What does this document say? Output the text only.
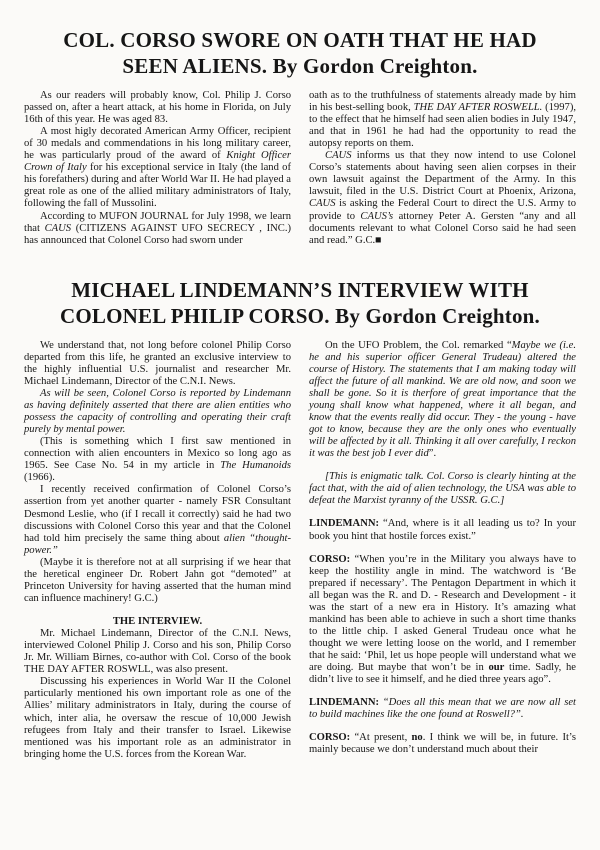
COL. CORSO SWORE ON OATH THAT HE HAD
SEEN ALIENS. By Gordon Creighton.

As our readers will probably know, Col. Philip J. Corso passed on, after a heart attack, at his home in Florida, on July 16th of this year. He was aged 83.

A most higly decorated American Army Officer, recipient of 30 medals and commendations in his long military career, he was particularly proud of the award of Knight Officer Crown of Italy for his exceptional service in Italy (the land of his forefathers) during and after World War II. He had played a great role as one of the allied military administrators of Italy, following the fall of Mussolini.

According to MUFON JOURNAL for July 1998, we learn that CAUS (CITIZENS AGAINST UFO SECRECY , INC.) has announced that Colonel Corso had sworn under

oath as to the truthfulness of statements already made by him in his best-selling book, THE DAY AFTER ROSWELL. (1997), to the effect that he himself had seen alien bodies in July 1947, and that in 1961 he had had the opportunity to read the autopsy reports on them.

CAUS informs us that they now intend to use Colonel Corso’s statements about having seen alien corpses in their own lawsuit against the Department of the Army. In this lawsuit, filed in the U.S. District Court at Phoenix, Arizona, CAUS is asking the Federal Court to direct the U.S. Army to provide to CAUS’s attorney Peter A. Gersten “any and all documents relevant to what Colonel Corso said he had seen and read.” G.C.■

MICHAEL LINDEMANN’S INTERVIEW WITH
COLONEL PHILIP CORSO. By Gordon Creighton.

We understand that, not long before colonel Philip Corso departed from this life, he granted an exclusive interview to the highly influential U.S. journalist and researcher Mr. Michael Lindemann, Director of the C.N.I. News.

As will be seen, Colonel Corso is reported by Lindemann as having definitely asserted that there are alien entities who possess the capacity of controlling and operating their craft purely by mental power.

(This is something which I first saw mentioned in connection with alien encounters in Mexico so long ago as 1965. See Case No. 54 in my article in The Humanoids (1966).

I recently received confirmation of Colonel Corso’s assertion from yet another quarter - namely FSR Consultant Desmond Leslie, who (if I recall it correctly) said he had two discussions with Colonel Corso this year and that the Colonel had told him precisely the same thing about alien “thought-power.”

(Maybe it is therefore not at all surprising if we hear that the heretical engineer Dr. Robert Jahn got “demoted” at Princeton University for having asserted that the human mind can influence machinery! G.C.)

THE INTERVIEW.

Mr. Michael Lindemann, Director of the C.N.I. News, interviewed Colonel Philip J. Corso and his son, Philip Corso Jr. Mr. William Birnes, co-author with Col. Corso of the book THE DAY AFTER ROSWLL, was also present.

Discussing his experiences in World War II the Colonel particularly mentioned his own important role as one of the Allies’ military administrators in Italy, during the course of which, inter alia, he oversaw the rescue of 10,000 Jewish refugees from Italy and their transfer to Israel. Likewise mentioned was his important role as an administrator in bringing home the U.S. forces from the Korean War.

On the UFO Problem, the Col. remarked “Maybe we (i.e. he and his superior officer General Trudeau) altered the course of History. The statements that I am making today will affect the future of all mankind. We are old now, and soon we shall be gone. So it is therfore of great importance that the young shall know what happened, where it all began, and know that the events really did occur. They - the young - have got to know, because they are the only ones who eventually will be affected by it all. Thinking it all over carefully, I reckon it was the best job I ever did”.

[This is enigmatic talk. Col. Corso is clearly hinting at the fact that, with the aid of alien technology, the USA was able to defeat the Marxist tyranny of the USSR. G.C.]

LINDEMANN: “And, where is it all leading us to? In your book you hint that hostile forces exist.”

CORSO: “When you’re in the Military you always have to keep the hostility angle in mind. The watchword is ‘Be prepared if necessary’. The Pentagon Department in which it all began was the R. and D. - Research and Development - it was the start of a new era in History. It’s amazing what mankind has been able to achieve in such a short time thanks to the little chip. I asked General Trudeau once what he thought we were letting loose on the world, and I remember that he said: ‘Phil, let us hope people will understand what we are doing. But maybe that won’t be in our time. Sadly, he didn’t live to see it himself, and he died three years ago”.

LINDEMANN: “Does all this mean that we are now all set to build machines like the one found at Roswell?”.

CORSO: “At present, no. I think we will be, in future. It’s mainly because we don’t understand much about their
